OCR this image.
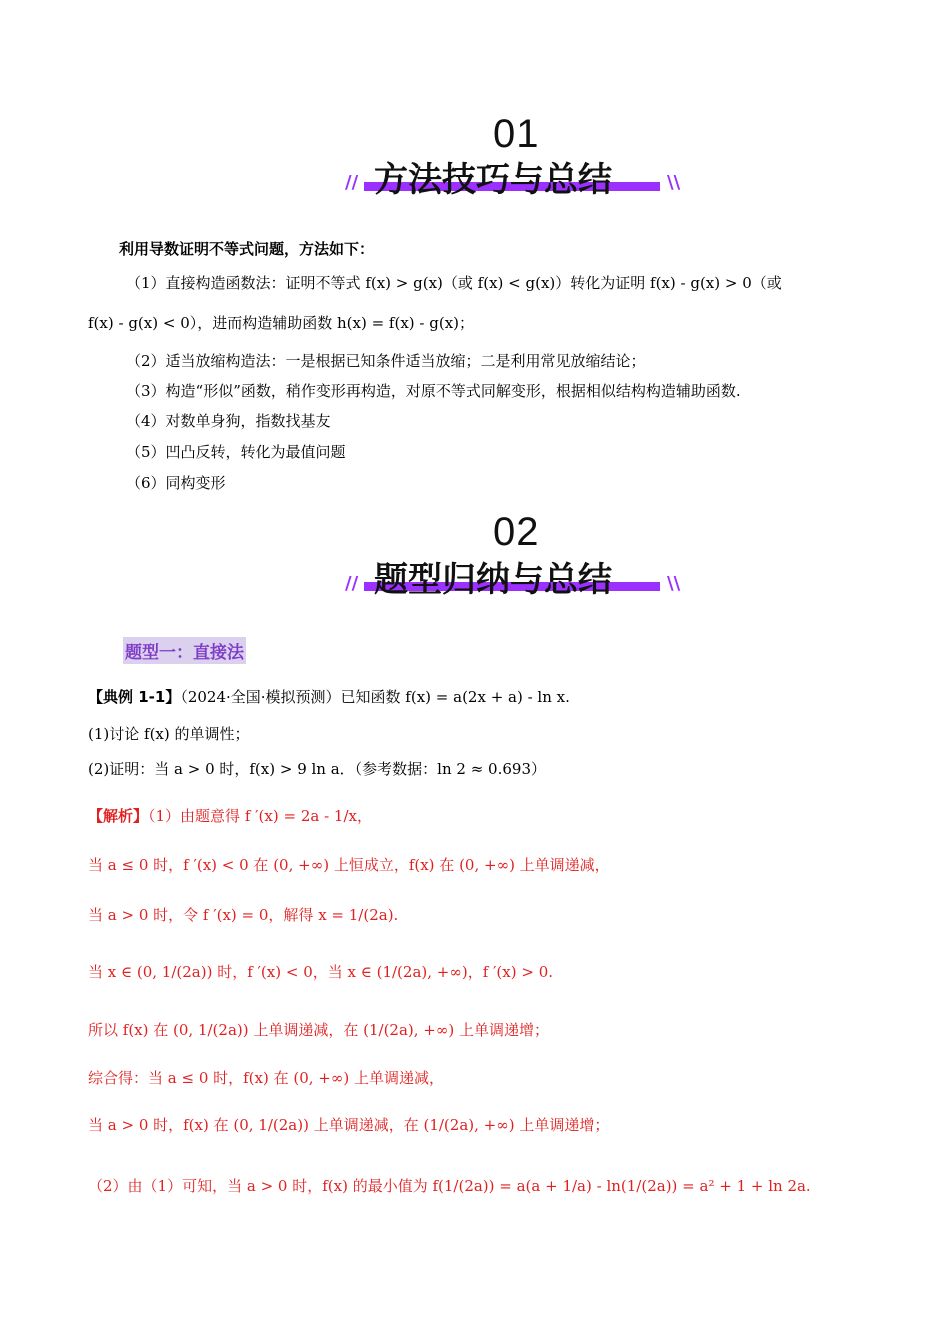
01
//	\\
方法技巧与总结
利用导数证明不等式问题，方法如下：
（1）直接构造函数法：证明不等式 f(x) > g(x)（或 f(x) < g(x)）转化为证明 f(x) - g(x) > 0（或
f(x) - g(x) < 0），进而构造辅助函数 h(x) = f(x) - g(x)；
（2）适当放缩构造法：一是根据已知条件适当放缩；二是利用常见放缩结论；
（3）构造“形似”函数，稍作变形再构造，对原不等式同解变形，根据相似结构构造辅助函数.
（4）对数单身狗，指数找基友
（5）凹凸反转，转化为最值问题
（6）同构变形
02
//	\\
题型归纳与总结
题型一：直接法
【典例 1-1】（2024·全国·模拟预测）已知函数 f(x) = a(2x + a) - ln x.
(1)讨论 f(x) 的单调性；
(2)证明：当 a > 0 时，f(x) > 9 ln a．（参考数据：ln 2 ≈ 0.693）
【解析】（1）由题意得 f ′(x) = 2a - 1/x，
当 a ≤ 0 时，f ′(x) < 0 在 (0, +∞) 上恒成立，f(x) 在 (0, +∞) 上单调递减，
当 a > 0 时，令 f ′(x) = 0，解得 x = 1/(2a).
当 x ∈ (0, 1/(2a)) 时，f ′(x) < 0，当 x ∈ (1/(2a), +∞)，f ′(x) > 0.
所以 f(x) 在 (0, 1/(2a)) 上单调递减，在 (1/(2a), +∞) 上单调递增；
综合得：当 a ≤ 0 时，f(x) 在 (0, +∞) 上单调递减，
当 a > 0 时，f(x) 在 (0, 1/(2a)) 上单调递减，在 (1/(2a), +∞) 上单调递增；
（2）由（1）可知，当 a > 0 时，f(x) 的最小值为 f(1/(2a)) = a(a + 1/a) - ln(1/(2a)) = a² + 1 + ln 2a.
